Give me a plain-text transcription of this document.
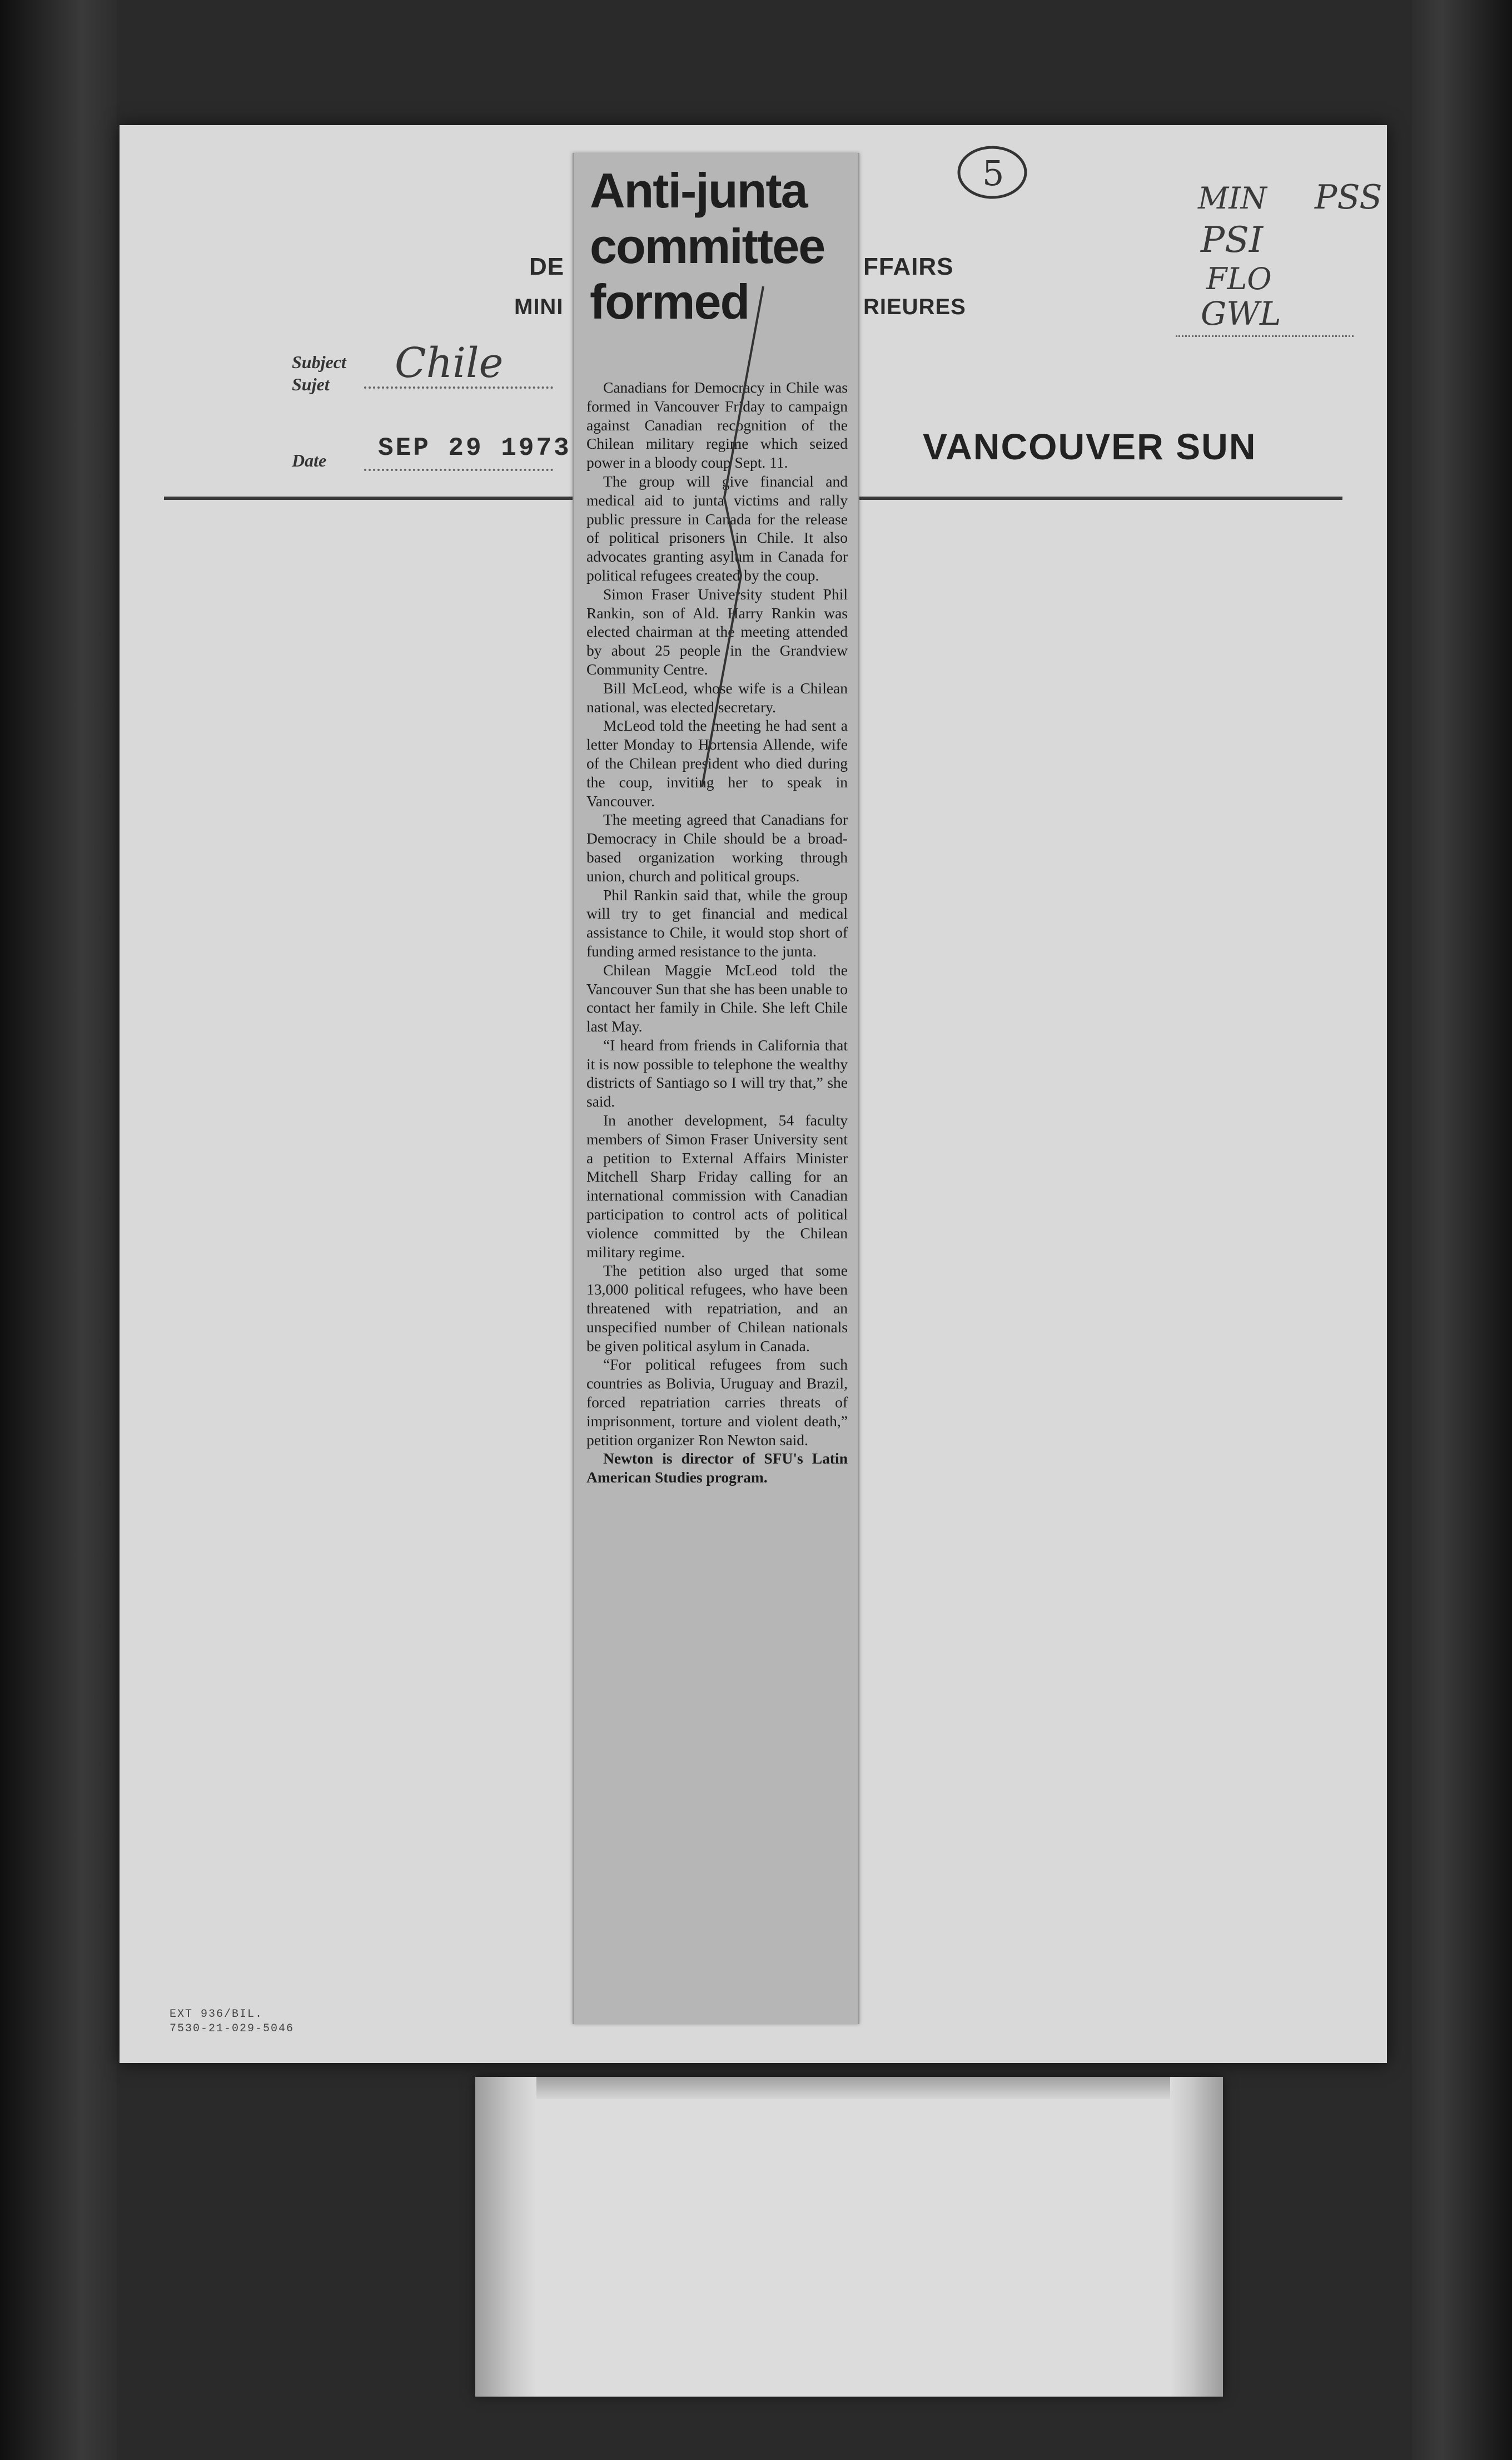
DE
MINI
FFAIRS
RIEURES
Subject
Sujet Chile
Date SEP 29 1973	VANCOUVER SUN
5
MIN PSS
PSI
FLO
GWL
EXT 936/BIL.
7530-21-029-5046
Anti-junta committee formed

Canadians for Democracy in Chile was formed in Vancouver Friday to campaign against Canadian recognition of the Chilean military regime which seized power in a bloody coup Sept. 11.

The group will give financial and medical aid to junta victims and rally public pressure in Canada for the release of political prisoners in Chile. It also advocates granting asylum in Canada for political refugees created by the coup.

Simon Fraser University student Phil Rankin, son of Ald. Harry Rankin was elected chairman at the meeting attended by about 25 people in the Grandview Community Centre.

Bill McLeod, whose wife is a Chilean national, was elected secretary.

McLeod told the meeting he had sent a letter Monday to Hortensia Allende, wife of the Chilean president who died during the coup, inviting her to speak in Vancouver.

The meeting agreed that Canadians for Democracy in Chile should be a broad-based organization working through union, church and political groups.

Phil Rankin said that, while the group will try to get financial and medical assistance to Chile, it would stop short of funding armed resistance to the junta.

Chilean Maggie McLeod told the Vancouver Sun that she has been unable to contact her family in Chile. She left Chile last May.

“I heard from friends in California that it is now possible to telephone the wealthy districts of Santiago so I will try that,” she said.

In another development, 54 faculty members of Simon Fraser University sent a petition to External Affairs Minister Mitchell Sharp Friday calling for an international commission with Canadian participation to control acts of political violence committed by the Chilean military regime.

The petition also urged that some 13,000 political refugees, who have been threatened with repatriation, and an unspecified number of Chilean nationals be given political asylum in Canada.

“For political refugees from such countries as Bolivia, Uruguay and Brazil, forced repatriation carries threats of imprisonment, torture and violent death,” petition organizer Ron Newton said.

Newton is director of SFU's Latin American Studies program.
